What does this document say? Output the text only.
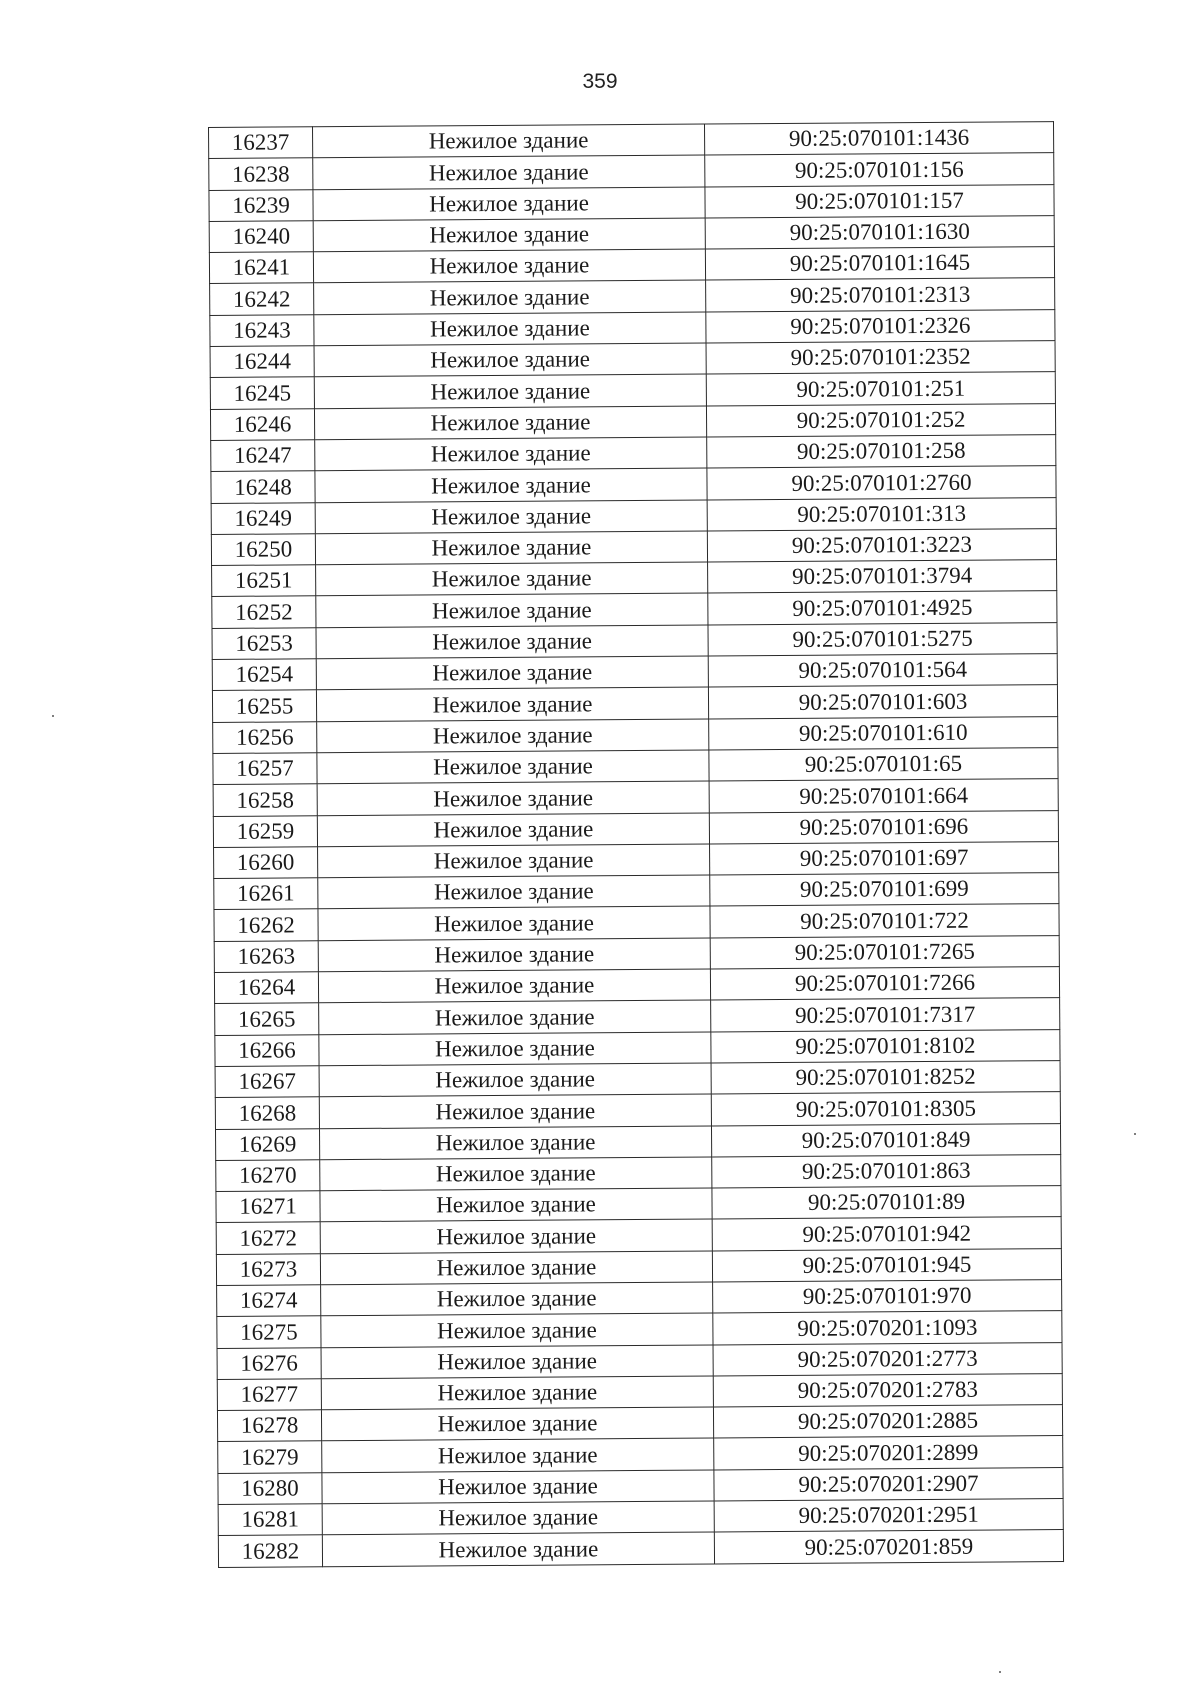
359
16237	Нежилое здание	90:25:070101:1436
16238	Нежилое здание	90:25:070101:156
16239	Нежилое здание	90:25:070101:157
16240	Нежилое здание	90:25:070101:1630
16241	Нежилое здание	90:25:070101:1645
16242	Нежилое здание	90:25:070101:2313
16243	Нежилое здание	90:25:070101:2326
16244	Нежилое здание	90:25:070101:2352
16245	Нежилое здание	90:25:070101:251
16246	Нежилое здание	90:25:070101:252
16247	Нежилое здание	90:25:070101:258
16248	Нежилое здание	90:25:070101:2760
16249	Нежилое здание	90:25:070101:313
16250	Нежилое здание	90:25:070101:3223
16251	Нежилое здание	90:25:070101:3794
16252	Нежилое здание	90:25:070101:4925
16253	Нежилое здание	90:25:070101:5275
16254	Нежилое здание	90:25:070101:564
16255	Нежилое здание	90:25:070101:603
16256	Нежилое здание	90:25:070101:610
16257	Нежилое здание	90:25:070101:65
16258	Нежилое здание	90:25:070101:664
16259	Нежилое здание	90:25:070101:696
16260	Нежилое здание	90:25:070101:697
16261	Нежилое здание	90:25:070101:699
16262	Нежилое здание	90:25:070101:722
16263	Нежилое здание	90:25:070101:7265
16264	Нежилое здание	90:25:070101:7266
16265	Нежилое здание	90:25:070101:7317
16266	Нежилое здание	90:25:070101:8102
16267	Нежилое здание	90:25:070101:8252
16268	Нежилое здание	90:25:070101:8305
16269	Нежилое здание	90:25:070101:849
16270	Нежилое здание	90:25:070101:863
16271	Нежилое здание	90:25:070101:89
16272	Нежилое здание	90:25:070101:942
16273	Нежилое здание	90:25:070101:945
16274	Нежилое здание	90:25:070101:970
16275	Нежилое здание	90:25:070201:1093
16276	Нежилое здание	90:25:070201:2773
16277	Нежилое здание	90:25:070201:2783
16278	Нежилое здание	90:25:070201:2885
16279	Нежилое здание	90:25:070201:2899
16280	Нежилое здание	90:25:070201:2907
16281	Нежилое здание	90:25:070201:2951
16282	Нежилое здание	90:25:070201:859
